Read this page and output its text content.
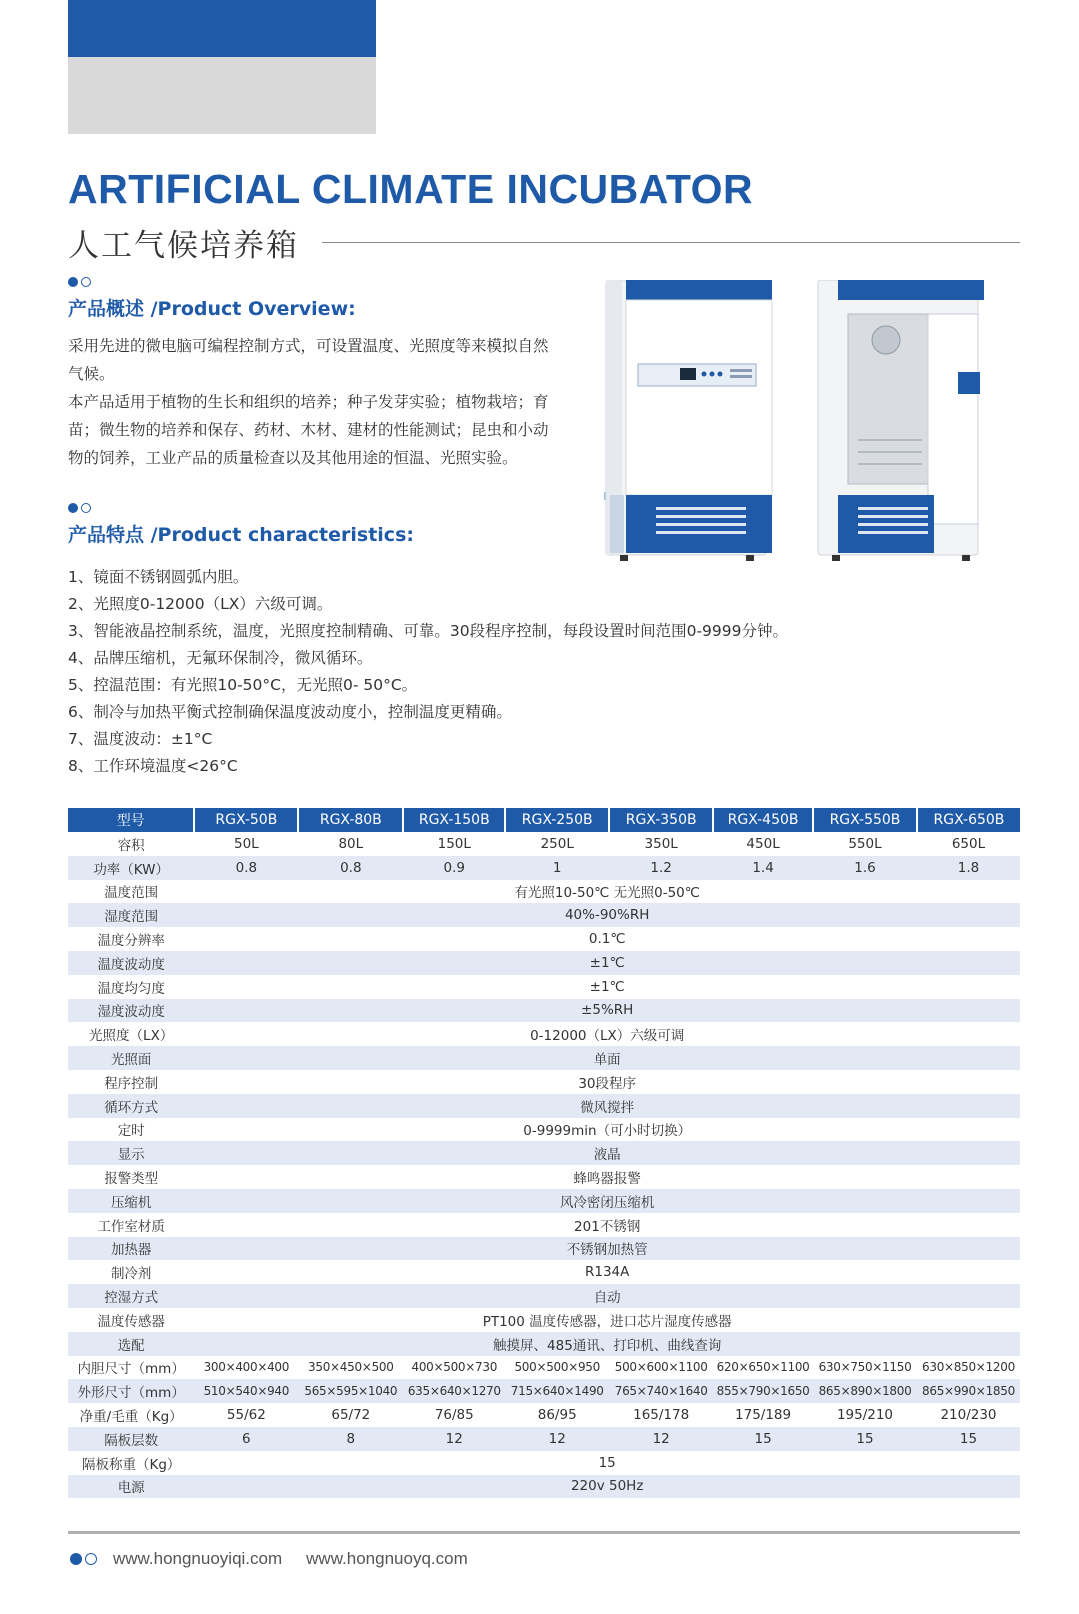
ARTIFICIAL CLIMATE INCUBATOR
人工气候培养箱
产品概述 /Product Overview:

采用先进的微电脑可编程控制方式，可设置温度、光照度等来模拟自然气候。

本产品适用于植物的生长和组织的培养；种子发芽实验；植物栽培；育苗；微生物的培养和保存、药材、木材、建材的性能测试；昆虫和小动物的饲养，工业产品的质量检查以及其他用途的恒温、光照实验。

产品特点 /Product characteristics:
1、镜面不锈钢圆弧内胆。
2、光照度0-12000（LX）六级可调。
3、智能液晶控制系统，温度，光照度控制精确、可靠。30段程序控制，每段设置时间范围0-9999分钟。
4、品牌压缩机，无氟环保制冷，微风循环。
5、控温范围：有光照10-50°C，无光照0- 50°C。
6、制冷与加热平衡式控制确保温度波动度小，控制温度更精确。
7、温度波动：±1°C
8、工作环境温度<26°C
型号	RGX-50B	RGX-80B	RGX-150B	RGX-250B	RGX-350B	RGX-450B	RGX-550B	RGX-650B
容积	50L	80L	150L	250L	350L	450L	550L	650L
功率（KW）	0.8	0.8	0.9	1	1.2	1.4	1.6	1.8
温度范围	有光照10-50℃ 无光照0-50℃							
湿度范围	40%-90%RH							
温度分辨率	0.1℃							
温度波动度	±1℃							
温度均匀度	±1℃							
湿度波动度	±5%RH							
光照度（LX）	0-12000（LX）六级可调							
光照面	单面							
程序控制	30段程序							
循环方式	微风搅拌							
定时	0-9999min（可小时切换）							
显示	液晶							
报警类型	蜂鸣器报警							
压缩机	风冷密闭压缩机							
工作室材质	201不锈钢							
加热器	不锈钢加热管							
制冷剂	R134A							
控湿方式	自动							
温度传感器	PT100 温度传感器，进口芯片湿度传感器							
选配	触摸屏、485通讯、打印机、曲线查询							
内胆尺寸（mm）	300×400×400	350×450×500	400×500×730	500×500×950	500×600×1100	620×650×1100	630×750×1150	630×850×1200
外形尺寸（mm）	510×540×940	565×595×1040	635×640×1270	715×640×1490	765×740×1640	855×790×1650	865×890×1800	865×990×1850
净重/毛重（Kg）	55/62	65/72	76/85	86/95	165/178	175/189	195/210	210/230
隔板层数	6	8	12	12	12	15	15	15
隔板称重（Kg）	15							
电源	220v 50Hz							
www.hongnuoyiqi.com www.hongnuoyq.com
